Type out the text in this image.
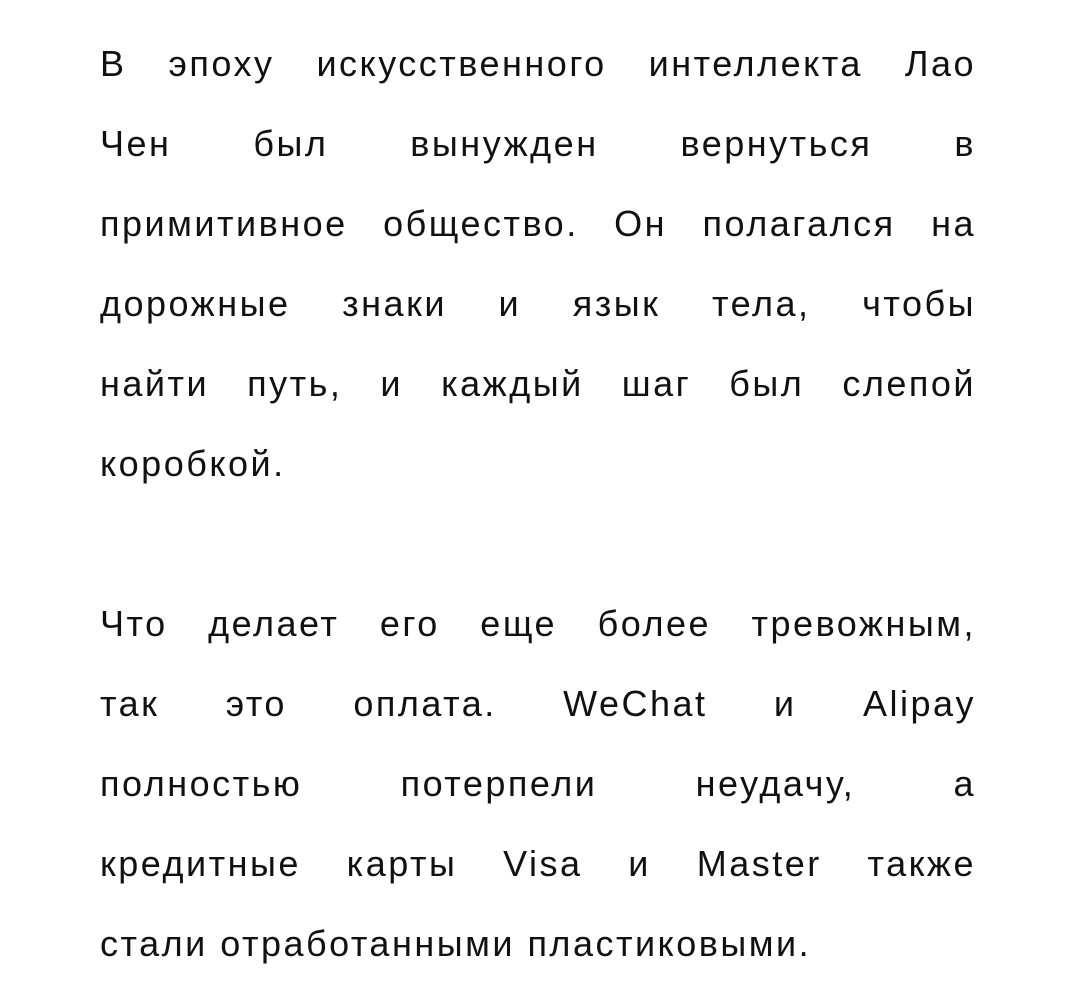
В эпоху искусственного интеллекта Лао
Чен был вынужден вернуться в
примитивное общество. Он полагался на
дорожные знаки и язык тела, чтобы
найти путь, и каждый шаг был слепой
коробкой.
Что делает его еще более тревожным,
так это оплата. WeChat и Alipay
полностью потерпели неудачу, а
кредитные карты Visa и Master также
стали отработанными пластиковыми.
